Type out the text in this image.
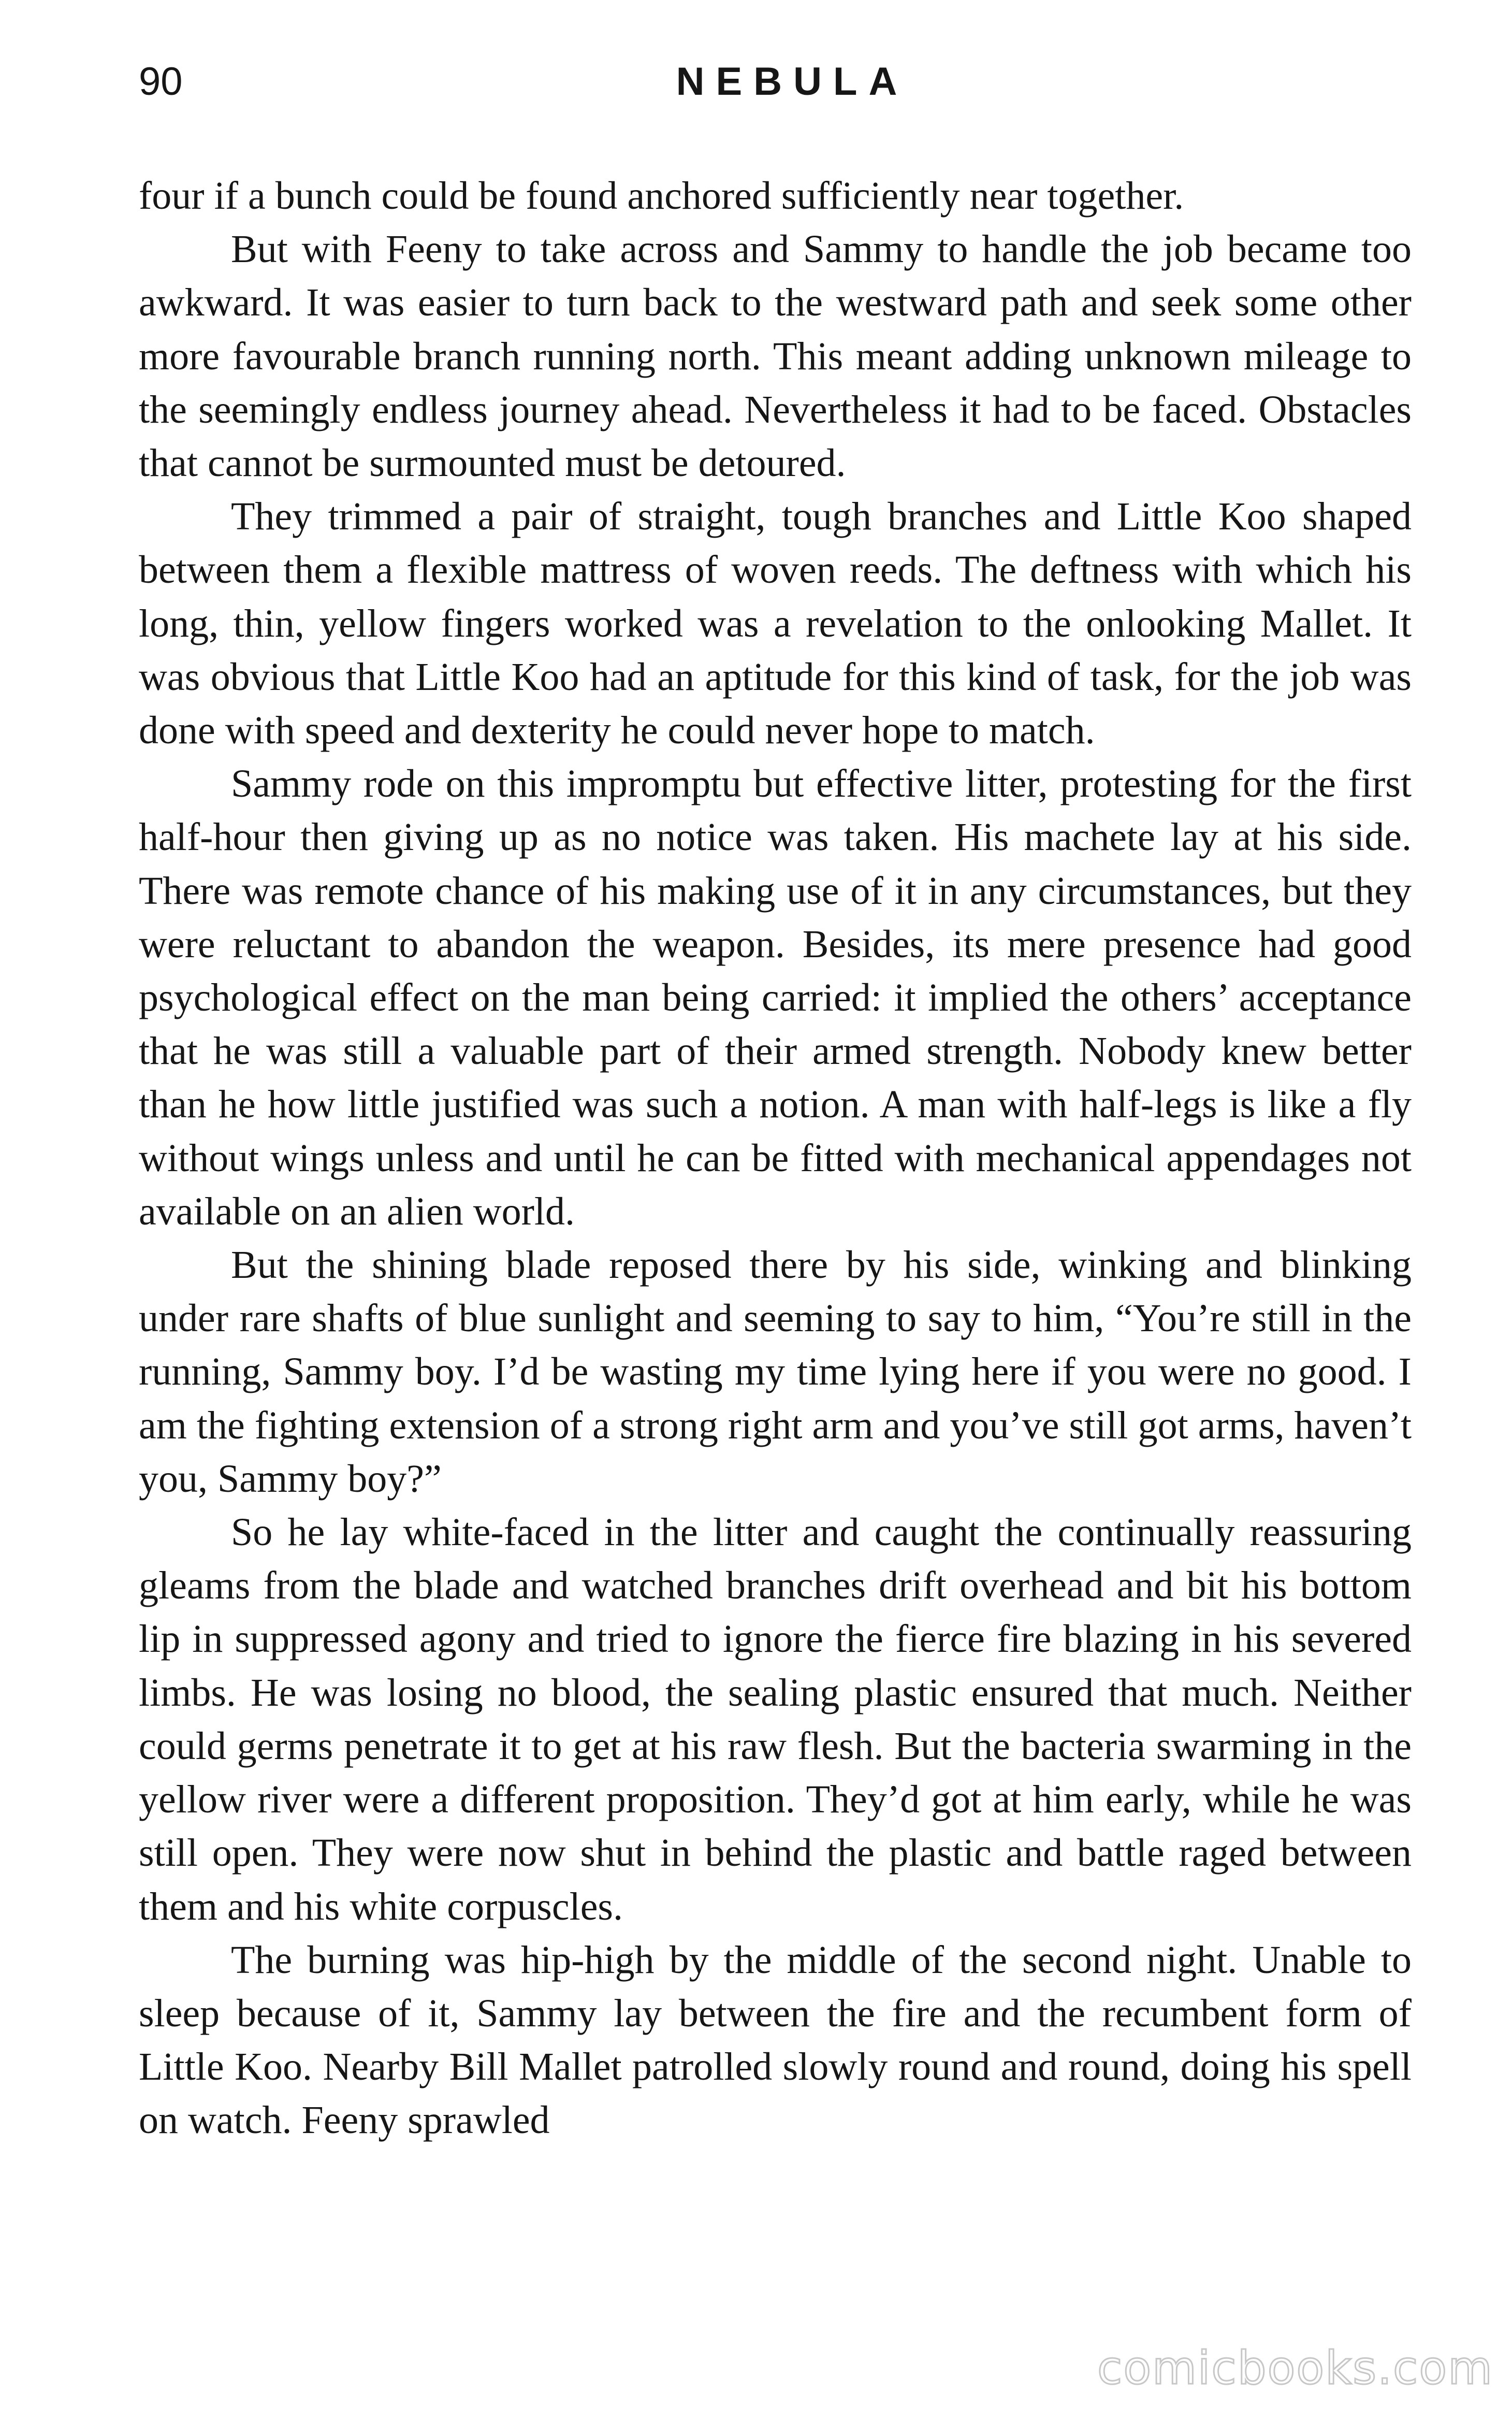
90	NEBULA

four if a bunch could be found anchored sufficiently near together.

But with Feeny to take across and Sammy to handle the job became too awkward. It was easier to turn back to the westward path and seek some other more favourable branch running north. This meant adding unknown mileage to the seemingly endless journey ahead. Nevertheless it had to be faced. Obstacles that cannot be surmounted must be detoured.

They trimmed a pair of straight, tough branches and Little Koo shaped between them a flexible mattress of woven reeds. The deftness with which his long, thin, yellow fingers worked was a revelation to the onlooking Mallet. It was obvious that Little Koo had an aptitude for this kind of task, for the job was done with speed and dexterity he could never hope to match.

Sammy rode on this impromptu but effective litter, protesting for the first half-hour then giving up as no notice was taken. His machete lay at his side. There was remote chance of his making use of it in any circumstances, but they were reluctant to abandon the weapon. Besides, its mere presence had good psychological effect on the man being carried: it implied the others’ acceptance that he was still a valuable part of their armed strength. Nobody knew better than he how little justified was such a notion. A man with half-legs is like a fly without wings unless and until he can be fitted with mechanical appendages not available on an alien world.

But the shining blade reposed there by his side, winking and blinking under rare shafts of blue sunlight and seeming to say to him, “You’re still in the running, Sammy boy. I’d be wasting my time lying here if you were no good. I am the fighting extension of a strong right arm and you’ve still got arms, haven’t you, Sammy boy?”

So he lay white-faced in the litter and caught the continually reassuring gleams from the blade and watched branches drift overhead and bit his bottom lip in suppressed agony and tried to ignore the fierce fire blazing in his severed limbs. He was losing no blood, the sealing plastic ensured that much. Neither could germs penetrate it to get at his raw flesh. But the bacteria swarming in the yellow river were a different proposition. They’d got at him early, while he was still open. They were now shut in behind the plastic and battle raged between them and his white corpuscles.

The burning was hip-high by the middle of the second night. Unable to sleep because of it, Sammy lay between the fire and the recumbent form of Little Koo. Nearby Bill Mallet patrolled slowly round and round, doing his spell on watch. Feeny sprawled

comicbooks.com
